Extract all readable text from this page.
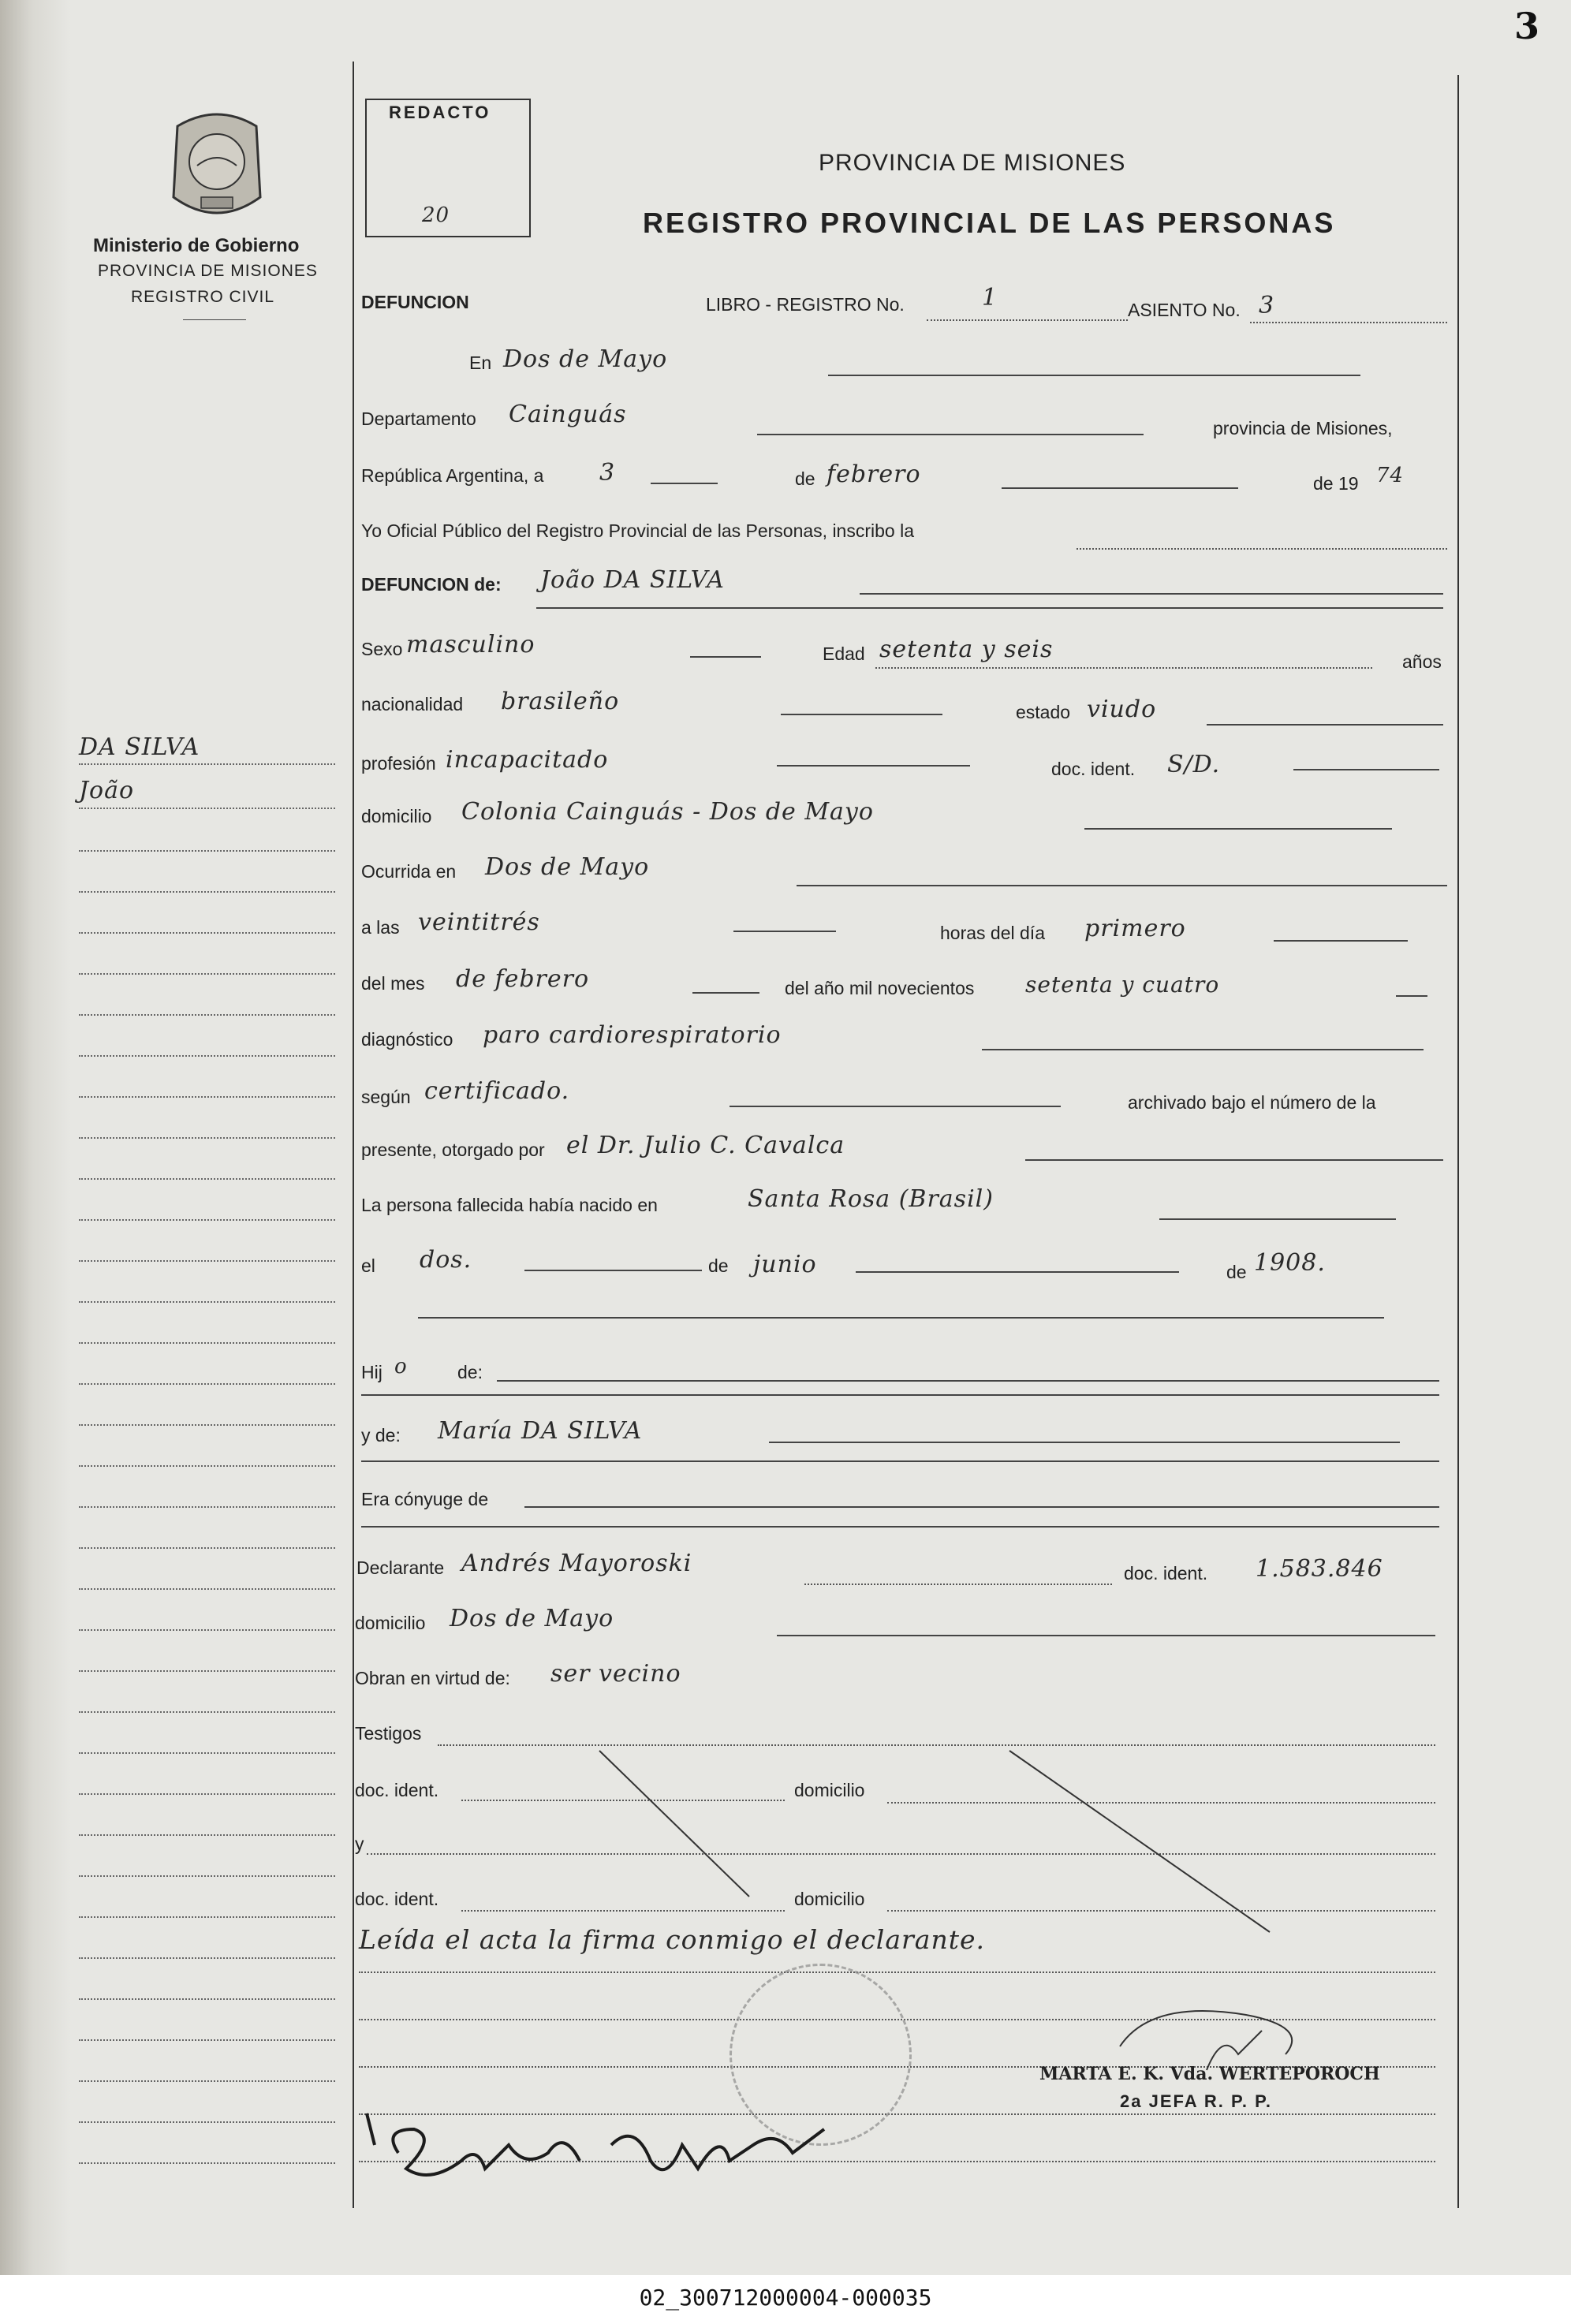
3
Ministerio de Gobierno
PROVINCIA DE MISIONES
REGISTRO CIVIL
DA SILVA
João
REDACTO
20
PROVINCIA DE MISIONES
REGISTRO PROVINCIAL DE LAS PERSONAS
DEFUNCION	LIBRO - REGISTRO No.	1	ASIENTO No. 3
En Dos de Mayo
Departamento Cainguás	provincia de Misiones,
República Argentina, a 3	de febrero	de 19 74
Yo Oficial Público del Registro Provincial de las Personas, inscribo la
DEFUNCION de: João DA SILVA
Sexo masculino	Edad setenta y seis	años
nacionalidad brasileño	estado viudo
profesión incapacitado	doc. ident. S/D.
domicilio Colonia Cainguás - Dos de Mayo
Ocurrida en Dos de Mayo
a las veintitrés	horas del día primero
del mes de febrero	del año mil novecientos setenta y cuatro
diagnóstico paro cardiorespiratorio
según certificado.	archivado bajo el número de la
presente, otorgado por el Dr. Julio C. Cavalca
La persona fallecida había nacido en	Santa Rosa (Brasil)
el dos.	de junio	de 1908.
Hij o	de:
y de: María DA SILVA
Era cónyuge de
Declarante Andrés Mayoroski	doc. ident. 1.583.846
domicilio Dos de Mayo
Obran en virtud de: ser vecino
Testigos
doc. ident.	domicilio
y
doc. ident.	domicilio
Leída el acta la firma conmigo el declarante.
MARTA E. K. Vda. WERTEPOROCH
2a JEFA R. P. P.
02_300712000004-000035
